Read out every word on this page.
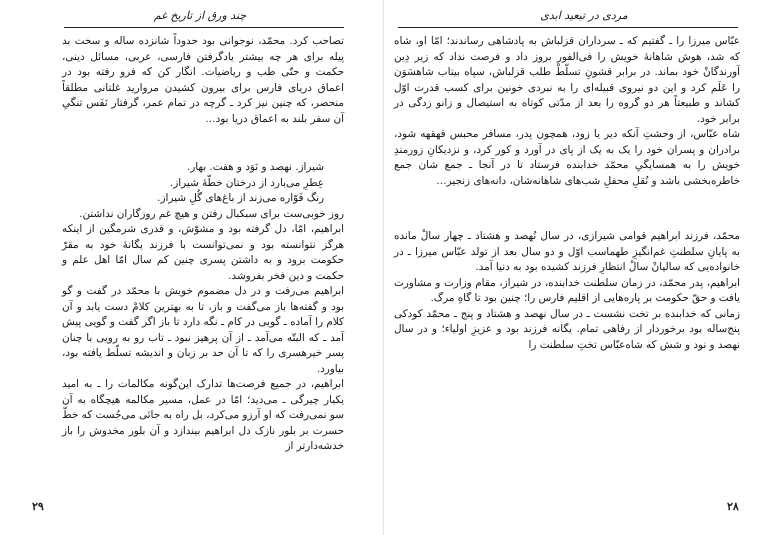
چند ورق از تاریخ غم

تصاحب کرد. محمّد، نوجوانی بود حدوداً شانزده ساله و سخت بد پیله برای هر چه بیشتر یادگرفتن فارسی، عربی، مسائل دینی، حکمت و حتّی طب و ریاضیات. انگار کن که فرو رفته بود در اعماق دریای فارس برای بیرون کشیدن مروارید غلتانی مطلقاً منحصر، که چنین نیز کرد ـ گرچه در تمام عمر، گرفتار نَفَس تنگیِ آن سفر بلند به اعماق دریا بود…

شیراز. نهصد و نَوَد و هفت. بهار.
عِطرِ می‌بارد از درختان خطّهٔ شیراز.
رنگ فَوّاره می‌زند از باغ‌های گُلِ شیراز.

روز خوبی‌ست برای سبکبال رفتن و هیچ غم روزگاران نداشتن.

ابراهیم، امّا، دل گرفته بود و مشوّش، و قدری شرمگین از اینکه هرگز نتوانسته بود و نمی‌توانست با فرزند یگانهٔ خود به مقرّ حکومت برود و به داشتن پسری چنین کم سال امّا اهل علم و حکمت و دین فخر بفروشد.

ابراهیم می‌رفت و در دل مضموم خویش با محمّد در گفت و گو بود و گفته‌ها باز می‌گفت و باز، تا به بهترین کلامْ دست یابد و آن کلام را آماده ـ گویی در کام ـ نگه دارد تا باز اگر گفت و گویی پیش آمد ـ که البتّه می‌آمد ـ از آن پرهیز نبود ـ تاب رو به رویی با چنان پسر خیرهسری را که تا آن حد بر زبان و اندیشه تسلّط یافته بود، بیاورد.

ابراهیم، در جمیع فرصت‌ها تدارک این‌گونه مکالمات را ـ به امید یکبار چیرگی ـ می‌دید؛ امّا در عمل، مسیر مکالمه هیچگاه به آن سو نمی‌رفت که او آرزو می‌کرد، بل راه به جائی می‌جُست که خطّ حسرت بر بلور نازک دل ابراهیم بیندازد و آن بلور مخدوش را باز خدشه‌دارتر از

۲۹
مردی در تبعید ابدی

عبّاس میرزا را ـ گفتیم که ـ سرداران قزلباش به پادشاهی رساندند؛ امّا او، شاه که شد، هوش شاهانهٔ خویش را فی‌الفور بروز داد و فرصت نداد که زیر دِین آورندگانْ خود بماند. در برابر قشونِ تسلّطْ طلب قزلباش، سپاه بیتاب شاهسَوَن را عَلَم کرد و این دو نیروی قبیله‌ای را به نبردی خونین برای کسب قدرت اوّل کشاند و طبیعتاً هر دو گروه را بعد از مدّتی کوتاه به استیصال و زانو زدگی در برابر خود.

شاه عبّاس، از وحشتِ آنکه دیر یا زود، همچون پدر، مسافر محبس قهقهه شود، برادران و پسران خود را یک به یک از پای در آورد و کور کرد، و نزدیکانِ زورمندِ خویش را به همسایگیِ محمّد خدابنده فرستاد تا در آنجا ـ جمع شان جمع خاطره‌بخشی باشد و نُقلِ محفلِ شب‌های شاهانه‌شان، دانه‌های زنجیر…

محمّد، فرزند ابراهیم قوامی شیرازی، در سال نُهصد و هشتاد ـ چهار سالْ مانده به پایانِ سلطنتِ غم‌انگیزِ طهماسب اوّل و دو سال بعد از تولد عبّاس میرزا ـ در خانواده‌یی که سالیانْ سالْ انتظارِ فرزند کشیده بود به دنیا آمد.

ابراهیم، پدر محمّد، در زمان سلطنت خدابنده، در شیراز، مقام وزارت و مشاورت یافت و حقّ حکومت بر پاره‌هایی از اقلیم فارس را؛ چنین بود تا گاهِ مرگ.

زمانی که خدابنده بر تخت نشست ـ در سال نهصد و هشتاد و پنج ـ محمّد کودکی پنج‌ساله بود برخوردار از رفاهی تمام. یگانه فرزند بود و عزیزِ اولیاء؛ و در سال نهصد و نود و شش که شاه‌عبّاس تختِ سلطنت را

۲۸
